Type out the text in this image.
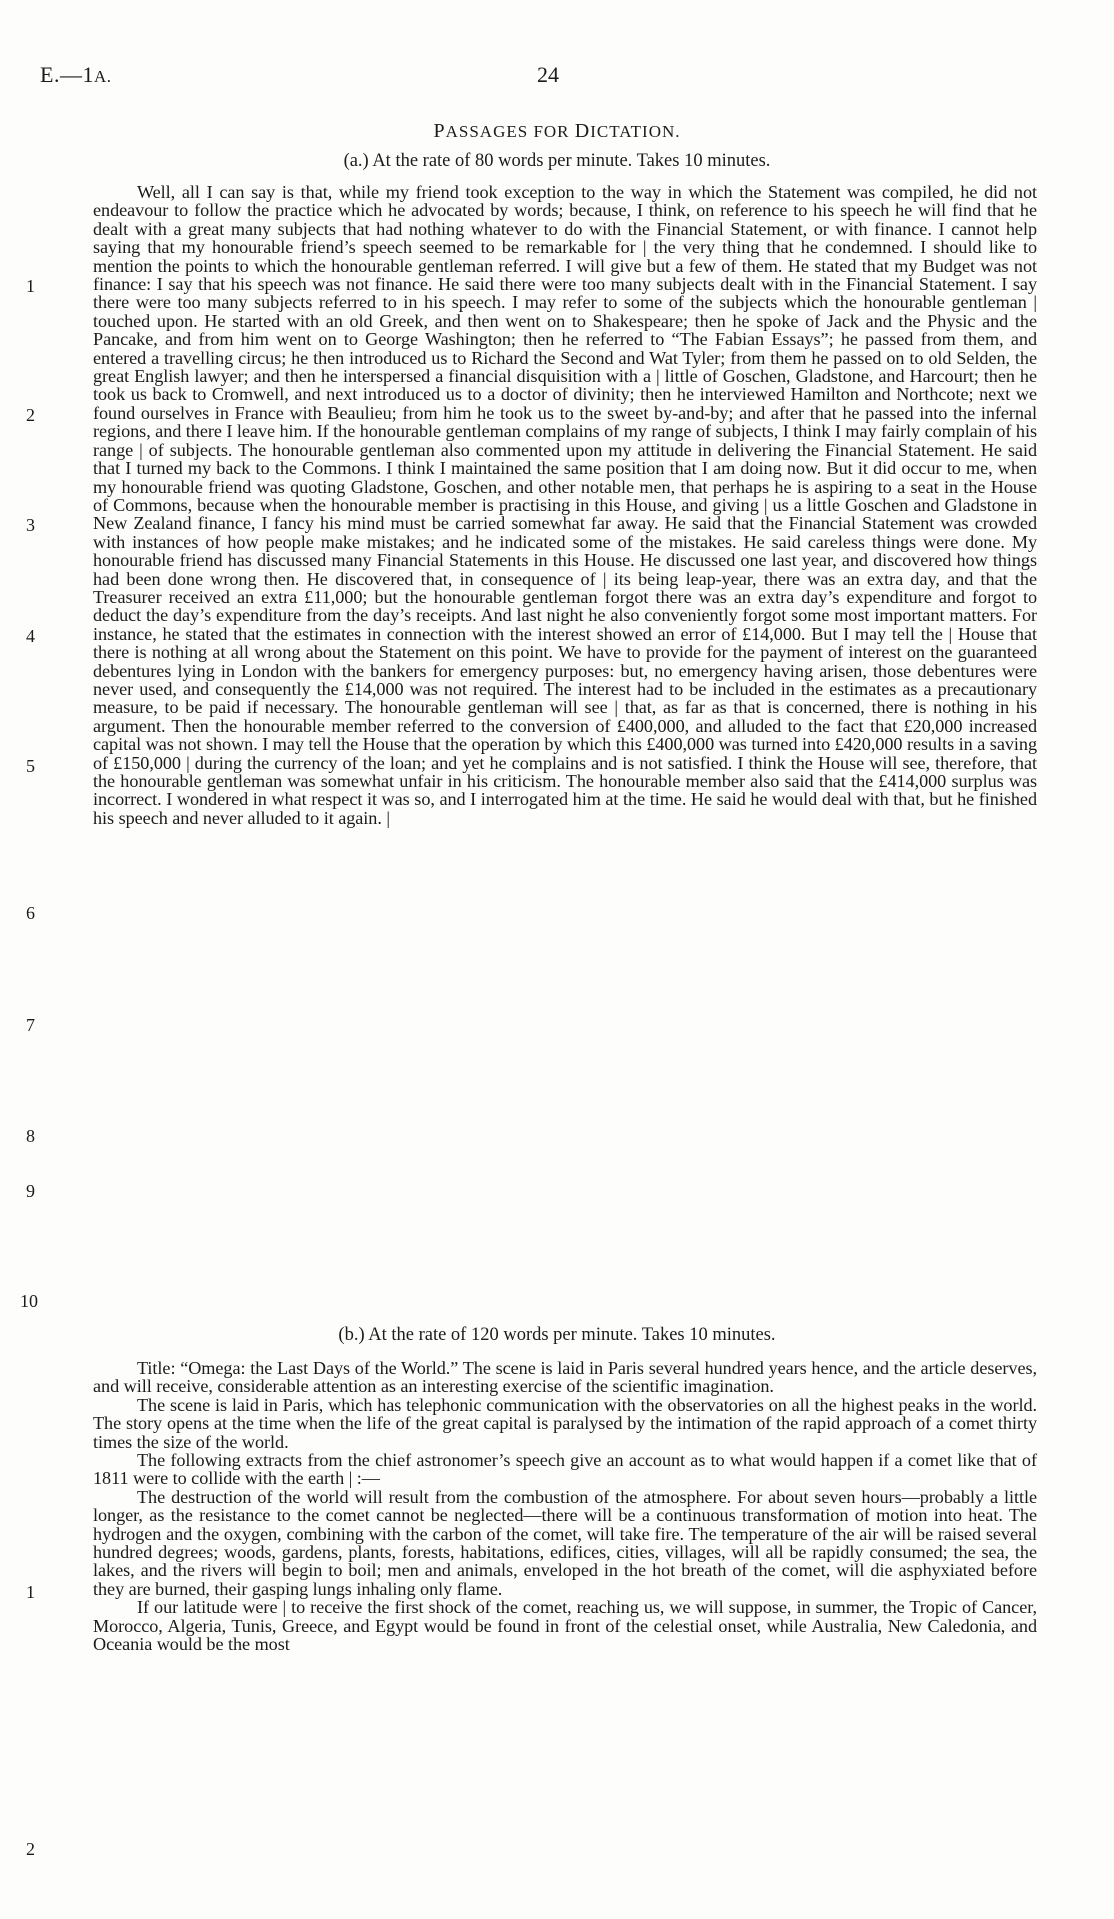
E.—1A.	24
PASSAGES FOR DICTATION.
(a.) At the rate of 80 words per minute. Takes 10 minutes.

Well, all I can say is that, while my friend took exception to the way in which the Statement was compiled, he did not endeavour to follow the practice which he advocated by words; because, I think, on reference to his speech he will find that he dealt with a great many subjects that had nothing whatever to do with the Financial Statement, or with finance. I cannot help saying that my honourable friend’s speech seemed to be remarkable for | the very thing that he condemned. I should like to mention the points to which the honourable gentleman referred. I will give but a few of them. He stated that my Budget was not finance: I say that his speech was not finance. He said there were too many subjects dealt with in the Financial Statement. I say there were too many subjects referred to in his speech. I may refer to some of the subjects which the honourable gentleman | touched upon. He started with an old Greek, and then went on to Shakespeare; then he spoke of Jack and the Physic and the Pancake, and from him went on to George Washington; then he referred to “The Fabian Essays”; he passed from them, and entered a travelling circus; he then introduced us to Richard the Second and Wat Tyler; from them he passed on to old Selden, the great English lawyer; and then he interspersed a financial disquisition with a | little of Goschen, Gladstone, and Harcourt; then he took us back to Cromwell, and next introduced us to a doctor of divinity; then he interviewed Hamilton and Northcote; next we found ourselves in France with Beaulieu; from him he took us to the sweet by-and-by; and after that he passed into the infernal regions, and there I leave him. If the honourable gentleman complains of my range of subjects, I think I may fairly complain of his range | of subjects. The honourable gentleman also commented upon my attitude in delivering the Financial Statement. He said that I turned my back to the Commons. I think I maintained the same position that I am doing now. But it did occur to me, when my honourable friend was quoting Gladstone, Goschen, and other notable men, that perhaps he is aspiring to a seat in the House of Commons, because when the honourable member is practising in this House, and giving | us a little Goschen and Gladstone in New Zealand finance, I fancy his mind must be carried somewhat far away. He said that the Financial Statement was crowded with instances of how people make mistakes; and he indicated some of the mistakes. He said careless things were done. My honourable friend has discussed many Financial Statements in this House. He discussed one last year, and discovered how things had been done wrong then. He discovered that, in consequence of | its being leap-year, there was an extra day, and that the Treasurer received an extra £11,000; but the honourable gentleman forgot there was an extra day’s expenditure and forgot to deduct the day’s expenditure from the day’s receipts. And last night he also conveniently forgot some most important matters. For instance, he stated that the estimates in connection with the interest showed an error of £14,000. But I may tell the | House that there is nothing at all wrong about the Statement on this point. We have to provide for the payment of interest on the guaranteed debentures lying in London with the bankers for emergency purposes: but, no emergency having arisen, those debentures were never used, and consequently the £14,000 was not required. The interest had to be included in the estimates as a precautionary measure, to be paid if necessary. The honourable gentleman will see | that, as far as that is concerned, there is nothing in his argument. Then the honourable member referred to the conversion of £400,000, and alluded to the fact that £20,000 increased capital was not shown. I may tell the House that the operation by which this £400,000 was turned into £420,000 results in a saving of £150,000 | during the currency of the loan; and yet he complains and is not satisfied. I think the House will see, therefore, that the honourable gentleman was somewhat unfair in his criticism. The honourable member also said that the £414,000 surplus was incorrect. I wondered in what respect it was so, and I interrogated him at the time. He said he would deal with that, but he finished his speech and never alluded to it again. |

1
2
3
4
5
6
7
8
9
10
(b.) At the rate of 120 words per minute. Takes 10 minutes.

Title: “Omega: the Last Days of the World.” The scene is laid in Paris several hundred years hence, and the article deserves, and will receive, considerable attention as an interesting exercise of the scientific imagination.

The scene is laid in Paris, which has telephonic communication with the observatories on all the highest peaks in the world. The story opens at the time when the life of the great capital is paralysed by the intimation of the rapid approach of a comet thirty times the size of the world.

The following extracts from the chief astronomer’s speech give an account as to what would happen if a comet like that of 1811 were to collide with the earth | :—

The destruction of the world will result from the combustion of the atmosphere. For about seven hours—probably a little longer, as the resistance to the comet cannot be neglected—there will be a continuous transformation of motion into heat. The hydrogen and the oxygen, combining with the carbon of the comet, will take fire. The temperature of the air will be raised several hundred degrees; woods, gardens, plants, forests, habitations, edifices, cities, villages, will all be rapidly consumed; the sea, the lakes, and the rivers will begin to boil; men and animals, enveloped in the hot breath of the comet, will die asphyxiated before they are burned, their gasping lungs inhaling only flame.

If our latitude were | to receive the first shock of the comet, reaching us, we will suppose, in summer, the Tropic of Cancer, Morocco, Algeria, Tunis, Greece, and Egypt would be found in front of the celestial onset, while Australia, New Caledonia, and Oceania would be the most

1
2
